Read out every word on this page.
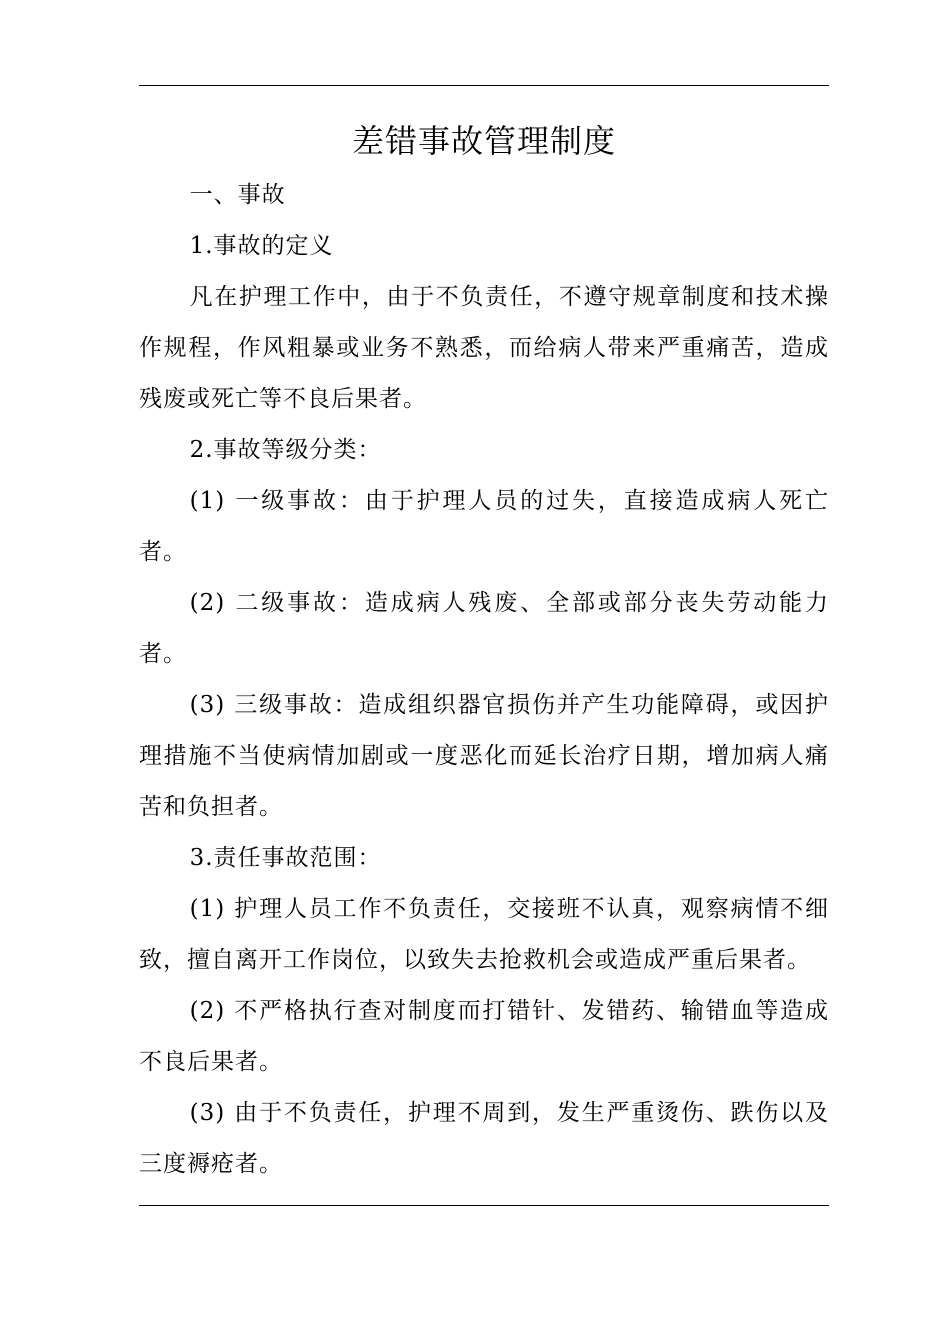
差错事故管理制度

一、事故

1.事故的定义

凡在护理工作中，由于不负责任，不遵守规章制度和技术操作规程，作风粗暴或业务不熟悉，而给病人带来严重痛苦，造成残废或死亡等不良后果者。

2.事故等级分类：

(1) 一级事故：由于护理人员的过失，直接造成病人死亡者。

(2) 二级事故：造成病人残废、全部或部分丧失劳动能力者。

(3) 三级事故：造成组织器官损伤并产生功能障碍，或因护理措施不当使病情加剧或一度恶化而延长治疗日期，增加病人痛苦和负担者。

3.责任事故范围：

(1) 护理人员工作不负责任，交接班不认真，观察病情不细致，擅自离开工作岗位，以致失去抢救机会或造成严重后果者。

(2) 不严格执行查对制度而打错针、发错药、输错血等造成不良后果者。

(3) 由于不负责任，护理不周到，发生严重烫伤、跌伤以及三度褥疮者。
